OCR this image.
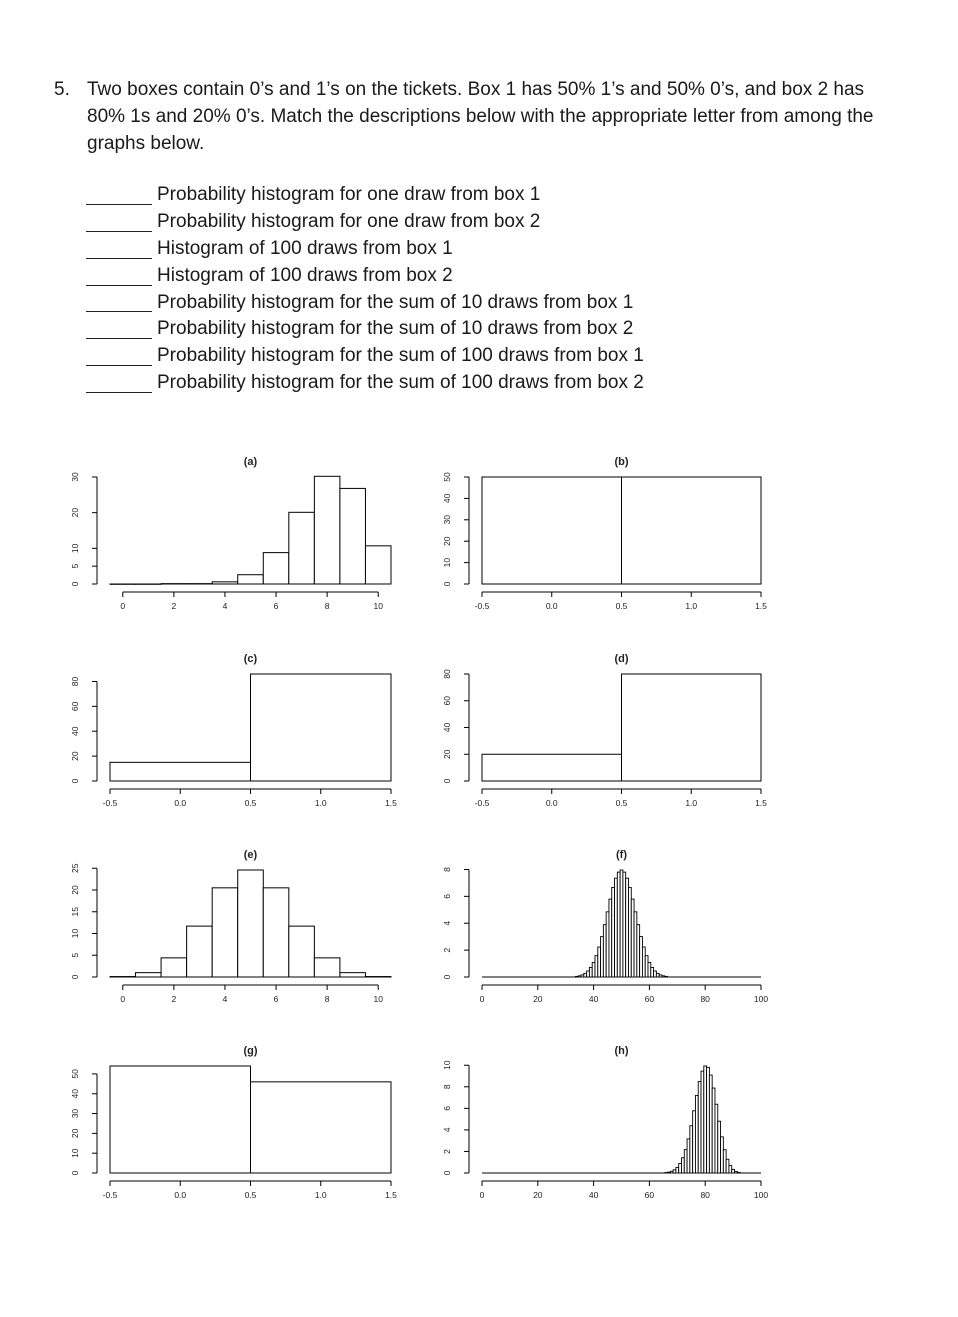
5. Two boxes contain 0’s and 1’s on the tickets. Box 1 has 50% 1’s and 50% 0’s, and box 2 has 80% 1s and 20% 0’s. Match the descriptions below with the appropriate letter from among the graphs below.
Probability histogram for one draw from box 1
Probability histogram for one draw from box 2
Histogram of 100 draws from box 1
Histogram of 100 draws from box 2
Probability histogram for the sum of 10 draws from box 1
Probability histogram for the sum of 10 draws from box 2
Probability histogram for the sum of 100 draws from box 1
Probability histogram for the sum of 100 draws from box 2
(a)
0	2	4	6	8	10
0
5
10
20
30
(b)
-0.5	0.0	0.5	1.0	1.5
0
10
20
30
40
50
(c)
-0.5	0.0	0.5	1.0	1.5
0
20
40
60
80
(d)
-0.5	0.0	0.5	1.0	1.5
0
20
40
60
80
(e)
0	2	4	6	8	10
0
5
10
15
20
25
(f)
0	20	40	60	80	100
0
2
4
6
8
(g)
-0.5	0.0	0.5	1.0	1.5
0
10
20
30
40
50
(h)
0	20	40	60	80	100
0
2
4
6
8
10
